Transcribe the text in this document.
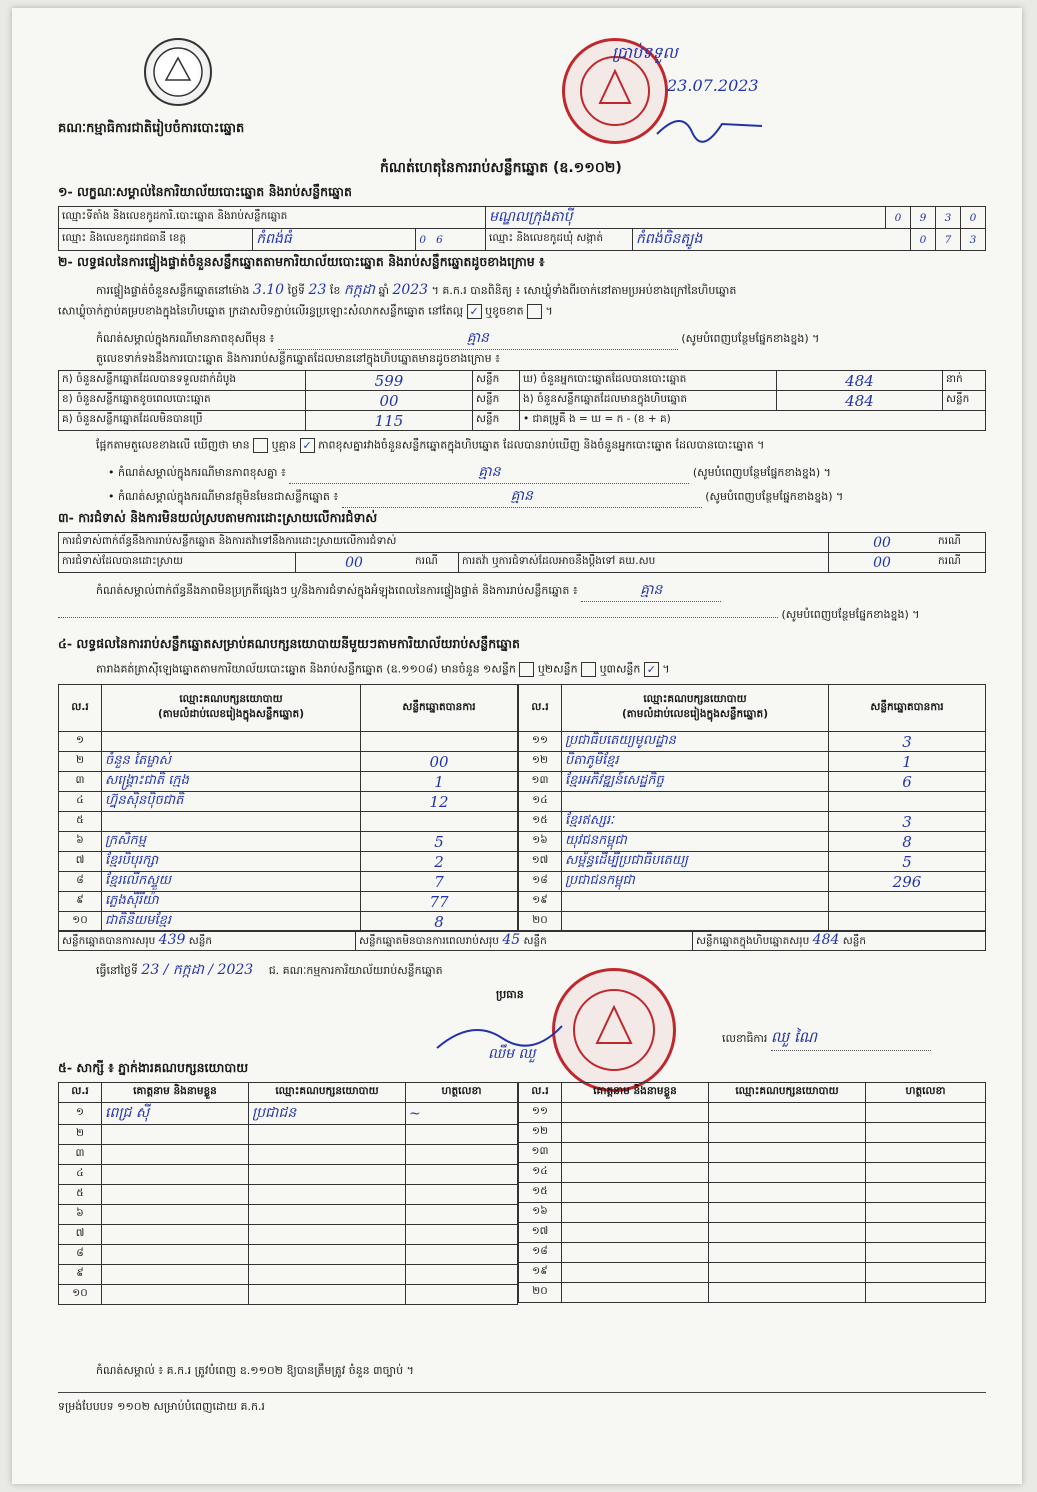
គណៈកម្មាធិការជាតិរៀបចំការបោះឆ្នោត
ប្រាប់ទទួល
23.07.2023
កំណត់ហេតុនៃការរាប់សន្លឹកឆ្នោត (ឧ.១១០២)
១- លក្ខណៈសម្គាល់នៃការិយាល័យបោះឆ្នោត និងរាប់សន្លឹកឆ្នោត
ឈ្មោះទីតាំង និងលេខកូដការិ.បោះឆ្នោត និងរាប់សន្លឹកឆ្នោត			មណ្ឌលក្រុងតាប៉ី		0	9	3	0
ឈ្មោះ និងលេខកូដរាជធានី ខេត្ត	កំពង់ធំ	0 6	ឈ្មោះ និងលេខកូដឃុំ សង្កាត់	កំពង់ចិនត្បូង		0	7	3
២- លទ្ធផលនៃការផ្ទៀងផ្ទាត់ចំនួនសន្លឹកឆ្នោតតាមការិយាល័យបោះឆ្នោត និងរាប់សន្លឹកឆ្នោតដូចខាងក្រោម ៖
ការផ្ទៀងផ្ទាត់ចំនួនសន្លឹកឆ្នោតនៅម៉ោង 3.10 ថ្ងៃទី 23 ខែ កក្កដា ឆ្នាំ 2023 ។ គ.ក.រ បានពិនិត្យ ៖ សោឃ្លុំទាំងពីរចាក់នៅតាមប្រអប់ខាងក្រៅនៃហិបឆ្នោត
សោឃ្លុំចាក់ភ្ជាប់គម្របខាងក្នុងនៃហិបឆ្នោត ក្រដាសបិទភ្ជាប់លើរន្ធប្រឡោះសំលាកសន្លឹកឆ្នោត នៅតែល្អ ✓ ឬខូចខាត  ។
កំណត់សម្គាល់ក្នុងករណីមានភាពខុសពីមុន ៖	គ្មាន	(សូមបំពេញបន្ថែមផ្នែកខាងខ្នង) ។
តួលេខទាក់ទងនឹងការបោះឆ្នោត និងការរាប់សន្លឹកឆ្នោតដែលមាននៅក្នុងហិបឆ្នោតមានដូចខាងក្រោម ៖
ក) ចំនួនសន្លឹកឆ្នោតដែលបានទទួលដាក់ដំបូង	599	សន្លឹក	ឃ) ចំនួនអ្នកបោះឆ្នោតដែលបានបោះឆ្នោត	484	នាក់
ខ) ចំនួនសន្លឹកឆ្នោតខូចពេលបោះឆ្នោត	00	សន្លឹក	ង) ចំនួនសន្លឹកឆ្នោតដែលមានក្នុងហិបឆ្នោត	484	សន្លឹក
គ) ចំនួនសន្លឹកឆ្នោតដែលមិនបានប្រើ	115	សន្លឹក	• ជាគម្រូគឺ ង = ឃ = ក - (ខ + គ)		
ផ្អែកតាមតួលេខខាងលើ ឃើញថា មាន ឬគ្មាន ✓ ភាពខុសគ្នារវាងចំនួនសន្លឹកឆ្នោតក្នុងហិបឆ្នោត ដែលបានរាប់ឃើញ និងចំនួនអ្នកបោះឆ្នោត ដែលបានបោះឆ្នោត ។
• កំណត់សម្គាល់ក្នុងករណីមានភាពខុសគ្នា ៖	គ្មាន	(សូមបំពេញបន្ថែមផ្នែកខាងខ្នង) ។
• កំណត់សម្គាល់ក្នុងករណីមានវត្ថុមិនមែនជាសន្លឹកឆ្នោត ៖	គ្មាន	(សូមបំពេញបន្ថែមផ្នែកខាងខ្នង) ។
៣- ការជំទាស់ និងការមិនយល់ស្របតាមការដោះស្រាយលើការជំទាស់
ការជំទាស់ពាក់ព័ន្ធនឹងការរាប់សន្លឹកឆ្នោត និងការតវ៉ាទៅនឹងការដោះស្រាយលើការជំទាស់				00	ករណី
ការជំទាស់ដែលបានដោះស្រាយ	00	ករណី	ការតវ៉ា ឬការជំទាស់ដែលអាចនឹងប្ដឹងទៅ គឃ.សប	00	ករណី
កំណត់សម្គាល់ពាក់ព័ន្ធនឹងភាពមិនប្រក្រតីផ្សេងៗ ឬ/និងការជំទាស់ក្នុងអំឡុងពេលនៃការផ្ទៀងផ្ទាត់ និងការរាប់សន្លឹកឆ្នោត ៖	គ្មាន
(សូមបំពេញបន្ថែមផ្នែកខាងខ្នង) ។
៤- លទ្ធផលនៃការរាប់សន្លឹកឆ្នោតសម្រាប់គណបក្សនយោបាយនីមួយៗតាមការិយាល័យរាប់សន្លឹកឆ្នោត
តារាងគត់ត្រាស៊ីឡេងឆ្នោតតាមការិយាល័យបោះឆ្នោត និងរាប់សន្លឹកឆ្នោត (ឧ.១១០៨) មានចំនួន ១សន្លឹក ឬ២សន្លឹក ឬ៣សន្លឹក ✓ ។
ល.រ	ឈ្មោះគណបក្សនយោបាយ
(តាមលំដាប់លេខរៀងក្នុងសន្លឹកឆ្នោត)	សន្លឹកឆ្នោតបានការ
១		
២	ចំនួន តៃម្ចាស់	00
៣	សង្គ្រោះជាតិ ក្មេង	1
៤	ហ្វ៊ុនស៊ិនប៉ិចជាតិ	12
៥		
៦	ក្រសិកម្ម	5
៧	ខ្មែរបិបុរក្សា	2
៨	ខ្មែរលើកស្ទួយ	7
៩	ភ្លេងស៊ីរីយ៉ា	77
១០	ជាតិនិយមខ្មែរ	8
ល.រ	ឈ្មោះគណបក្សនយោបាយ
(តាមលំដាប់លេខរៀងក្នុងសន្លឹកឆ្នោត)	សន្លឹកឆ្នោតបានការ
១១	ប្រជាធិបតេយ្យមូលដ្ឋាន	3
១២	បិតាភូមិខ្មែរ	1
១៣	ខ្មែរអភិវឌ្ឍន៍សេដ្ឋកិច្ច	6
១៤		
១៥	ខ្មែរឥស្សរៈ	3
១៦	យុវជនកម្ពុជា	8
១៧	សម្ព័ន្ធដើម្បីប្រជាធិបតេយ្យ	5
១៨	ប្រជាជនកម្ពុជា	296
១៩		
២០		
សន្លឹកឆ្នោតបានការសរុប 439 សន្លឹក	សន្លឹកឆ្នោតមិនបានការពេលរាប់សរុប 45 សន្លឹក	សន្លឹកឆ្នោតក្នុងហិបឆ្នោតសរុប 484 សន្លឹក
ធ្វើនៅថ្ងៃទី 23 / កក្កដា / 2023 ជ. គណៈកម្មការការិយាល័យរាប់សន្លឹកឆ្នោត
ប្រធាន
ឈឹម ឈួ
លេខាធិការ ឈួ ណៃ
៥- សាក្សី ៖ ភ្នាក់ងារគណបក្សនយោបាយ
ល.រ	គោត្តនាម និងនាមខ្លួន	ឈ្មោះគណបក្សនយោបាយ	ហត្ថលេខា
១	ពេជ្រ ស៊ី	ប្រជាជន	~
២			
៣			
៤			
៥			
៦			
៧			
៨			
៩			
១០			
ល.រ	គោត្តនាម និងនាមខ្លួន	ឈ្មោះគណបក្សនយោបាយ	ហត្ថលេខា
១១			
១២			
១៣			
១៤			
១៥			
១៦			
១៧			
១៨			
១៩			
២០			
កំណត់សម្គាល់ ៖ គ.ក.រ ត្រូវបំពេញ ឧ.១១០២ ឱ្យបានត្រឹមត្រូវ ចំនួន ៣ច្បាប់ ។
ទម្រង់បែបបទ ១១០២ សម្រាប់បំពេញដោយ គ.ក.រ
